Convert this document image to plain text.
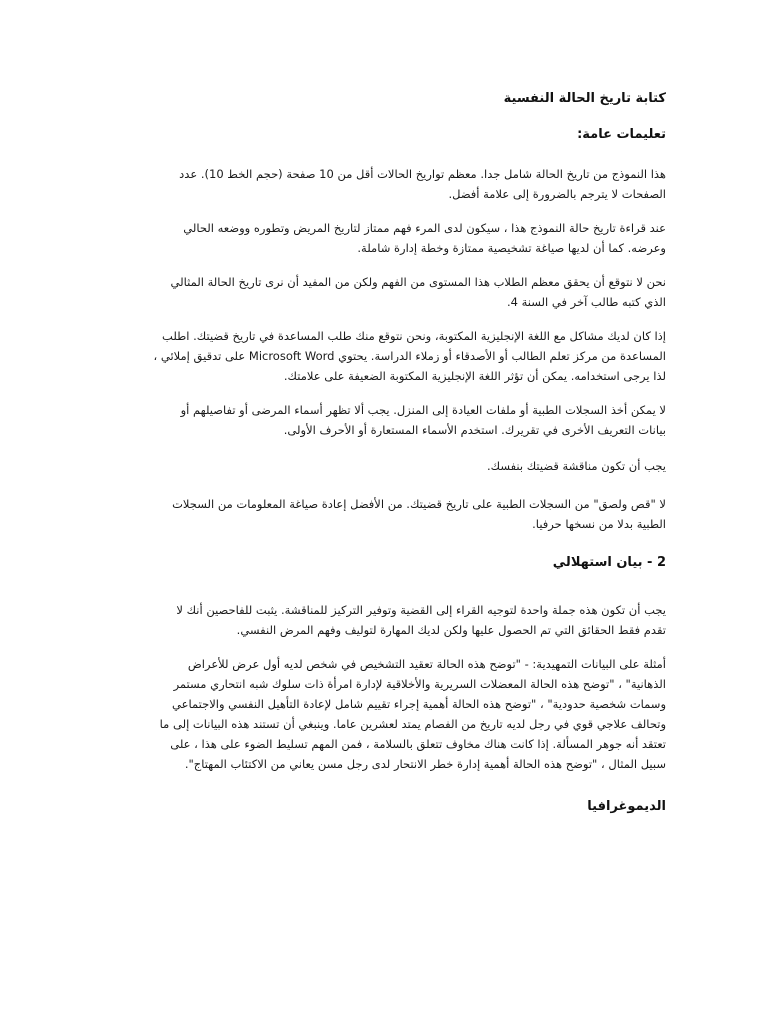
كتابة تاريخ الحالة النفسية
تعليمات عامة:

هذا النموذج من تاريخ الحالة شامل جدا. معظم تواريخ الحالات أقل من 10 صفحة (حجم الخط 10). عدد الصفحات لا يترجم بالضرورة إلى علامة أفضل.

عند قراءة تاريخ حالة النموذج هذا ، سيكون لدى المرء فهم ممتاز لتاريخ المريض وتطوره ووضعه الحالي وعرضه. كما أن لديها صياغة تشخيصية ممتازة وخطة إدارة شاملة.

نحن لا نتوقع أن يحقق معظم الطلاب هذا المستوى من الفهم ولكن من المفيد أن نرى تاريخ الحالة المثالي الذي كتبه طالب آخر في السنة 4.

إذا كان لديك مشاكل مع اللغة الإنجليزية المكتوبة، ونحن نتوقع منك طلب المساعدة في تاريخ قضيتك. اطلب المساعدة من مركز تعلم الطالب أو الأصدقاء أو زملاء الدراسة. يحتوي Microsoft Word على تدقيق إملائي ، لذا يرجى استخدامه. يمكن أن تؤثر اللغة الإنجليزية المكتوبة الضعيفة على علامتك.

لا يمكن أخذ السجلات الطبية أو ملفات العيادة إلى المنزل. يجب ألا تظهر أسماء المرضى أو تفاصيلهم أو بيانات التعريف الأخرى في تقريرك. استخدم الأسماء المستعارة أو الأحرف الأولى.

يجب أن تكون مناقشة قضيتك بنفسك.

لا "قص ولصق" من السجلات الطبية على تاريخ قضيتك. من الأفضل إعادة صياغة المعلومات من السجلات الطبية بدلا من نسخها حرفيا.

2 - بيان استهلالي

يجب أن تكون هذه جملة واحدة لتوجيه القراء إلى القضية وتوفير التركيز للمناقشة. يثبت للفاحصين أنك لا تقدم فقط الحقائق التي تم الحصول عليها ولكن لديك المهارة لتوليف وفهم المرض النفسي.

أمثلة على البيانات التمهيدية: - "توضح هذه الحالة تعقيد التشخيص في شخص لديه أول عرض للأعراض الذهانية" ، "توضح هذه الحالة المعضلات السريرية والأخلاقية لإدارة امرأة ذات سلوك شبه انتحاري مستمر وسمات شخصية حدودية" ، "توضح هذه الحالة أهمية إجراء تقييم شامل لإعادة التأهيل النفسي والاجتماعي وتحالف علاجي قوي في رجل لديه تاريخ من الفصام يمتد لعشرين عاما. وينبغي أن تستند هذه البيانات إلى ما تعتقد أنه جوهر المسألة. إذا كانت هناك مخاوف تتعلق بالسلامة ، فمن المهم تسليط الضوء على هذا ، على سبيل المثال ، "توضح هذه الحالة أهمية إدارة خطر الانتحار لدى رجل مسن يعاني من الاكتئاب المهتاج".

الديموغرافيا
